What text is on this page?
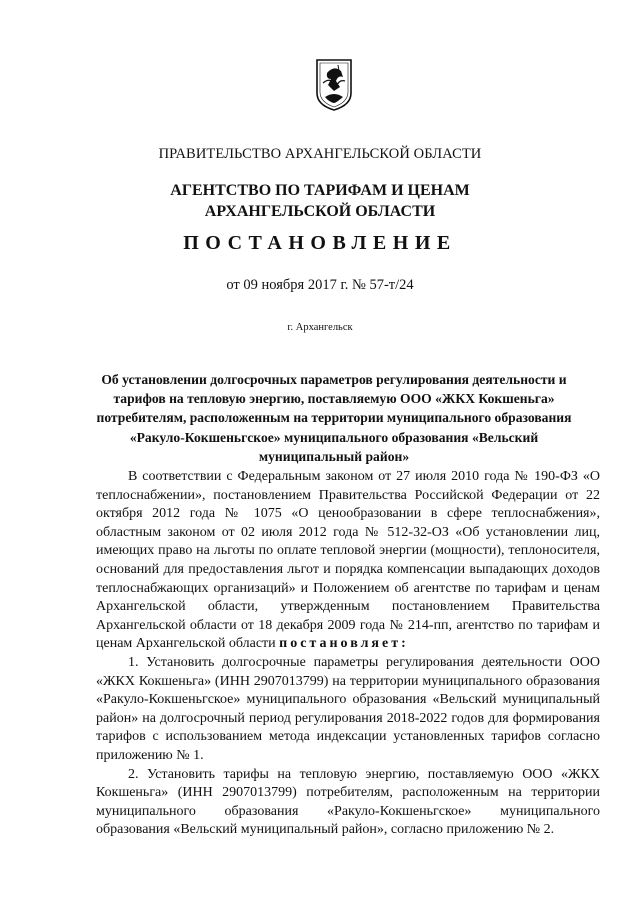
ПРАВИТЕЛЬСТВО АРХАНГЕЛЬСКОЙ ОБЛАСТИ
АГЕНТСТВО ПО ТАРИФАМ И ЦЕНАМ
АРХАНГЕЛЬСКОЙ ОБЛАСТИ
ПОСТАНОВЛЕНИЕ
от 09 ноября 2017 г. № 57-т/24
г. Архангельск
Об установлении долгосрочных параметров регулирования деятельности и тарифов на тепловую энергию, поставляемую ООО «ЖКХ Кокшеньга» потребителям, расположенным на территории муниципального образования «Ракуло-Кокшеньгское» муниципального образования «Вельский муниципальный район»

В соответствии с Федеральным законом от 27 июля 2010 года № 190-ФЗ «О теплоснабжении», постановлением Правительства Российской Федерации от 22 октября 2012 года № 1075 «О ценообразовании в сфере теплоснабжения», областным законом от 02 июля 2012 года № 512-32-ОЗ «Об установлении лиц, имеющих право на льготы по оплате тепловой энергии (мощности), теплоносителя, оснований для предоставления льгот и порядка компенсации выпадающих доходов теплоснабжающих организаций» и Положением об агентстве по тарифам и ценам Архангельской области, утвержденным постановлением Правительства Архангельской области от 18 декабря 2009 года № 214-пп, агентство по тарифам и ценам Архангельской области постановляет:

1. Установить долгосрочные параметры регулирования деятельности ООО «ЖКХ Кокшеньга» (ИНН 2907013799) на территории муниципального образования «Ракуло-Кокшеньгское» муниципального образования «Вельский муниципальный район» на долгосрочный период регулирования 2018-2022 годов для формирования тарифов с использованием метода индексации установленных тарифов согласно приложению № 1.

2. Установить тарифы на тепловую энергию, поставляемую ООО «ЖКХ Кокшеньга» (ИНН 2907013799) потребителям, расположенным на территории муниципального образования «Ракуло-Кокшеньгское» муниципального образования «Вельский муниципальный район», согласно приложению № 2.
